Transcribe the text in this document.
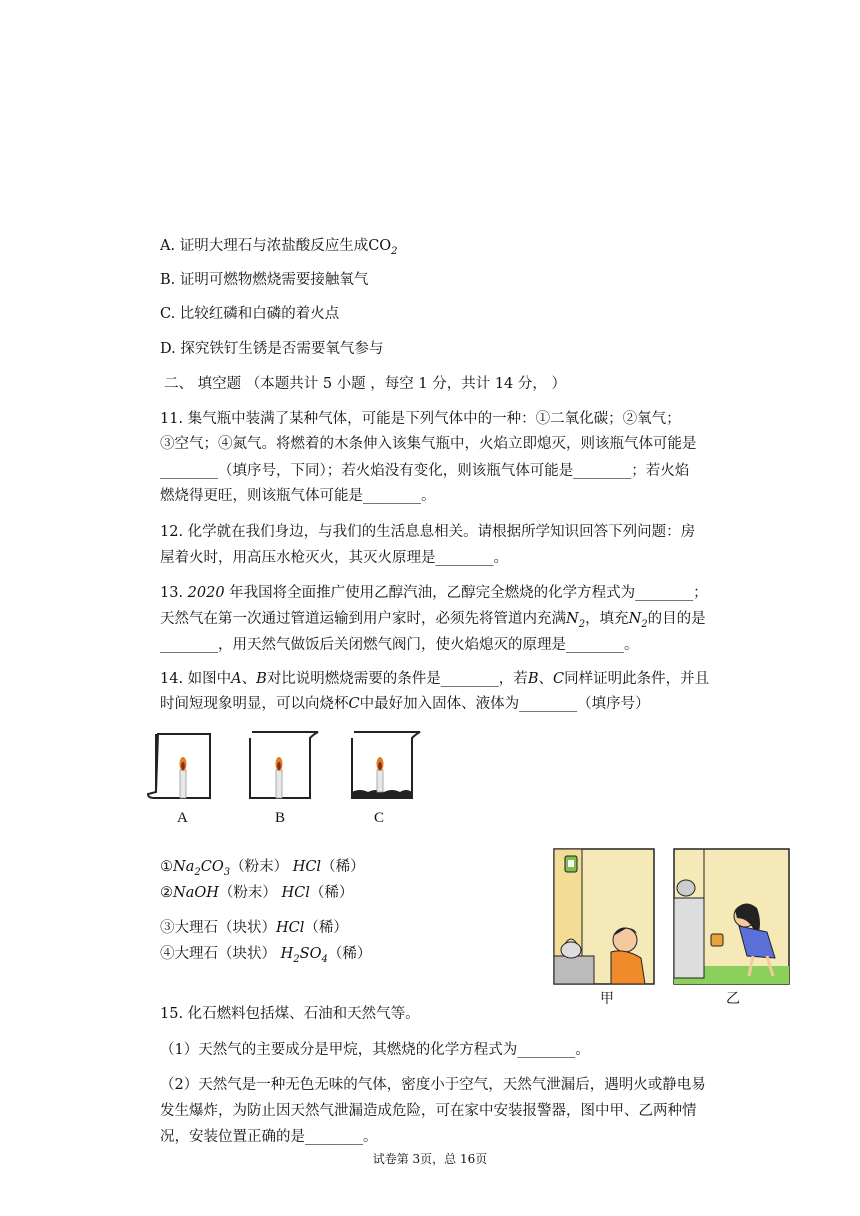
A. 证明大理石与浓盐酸反应生成$CO_2$
B. 证明可燃物燃烧需要接触氧气
C. 比较红磷和白磷的着火点
D. 探究铁钉生锈是否需要氧气参与
二、 填空题 （本题共计 5 小题 ，每空 1 分，共计 14 分， ）
11. 集气瓶中装满了某种气体，可能是下列气体中的一种：①二氧化碳；②氧气；
③空气；④氮气。将燃着的木条伸入该集气瓶中，火焰立即熄灭，则该瓶气体可能是
________（填序号，下同）；若火焰没有变化，则该瓶气体可能是________；若火焰
燃烧得更旺，则该瓶气体可能是________。
12. 化学就在我们身边，与我们的生活息息相关。请根据所学知识回答下列问题：房
屋着火时，用高压水枪灭火，其灭火原理是________。
13. 2020 年我国将全面推广使用乙醇汽油，乙醇完全燃烧的化学方程式为________；
天然气在第一次通过管道运输到用户家时，必须先将管道内充满$N_2$，填充$N_2$的目的是
________，用天然气做饭后关闭燃气阀门，使火焰熄灭的原理是________。
14. 如图中A、B对比说明燃烧需要的条件是________，若B、C同样证明此条件，并且
时间短现象明显，可以向烧杯C中最好加入固体、液体为________（填序号）
A	B	C
$①Na_2CO_3$（粉末） HCl（稀）
②NaOH（粉末） HCl（稀）
③大理石（块状）HCl（稀）
④大理石（块状） $H_2SO_4$（稀）
甲	乙
15. 化石燃料包括煤、石油和天然气等。
（1）天然气的主要成分是甲烷，其燃烧的化学方程式为________。
（2）天然气是一种无色无味的气体，密度小于空气，天然气泄漏后，遇明火或静电易
发生爆炸，为防止因天然气泄漏造成危险，可在家中安装报警器，图中甲、乙两种情
况，安装位置正确的是________。
试卷第 3页，总 16页
